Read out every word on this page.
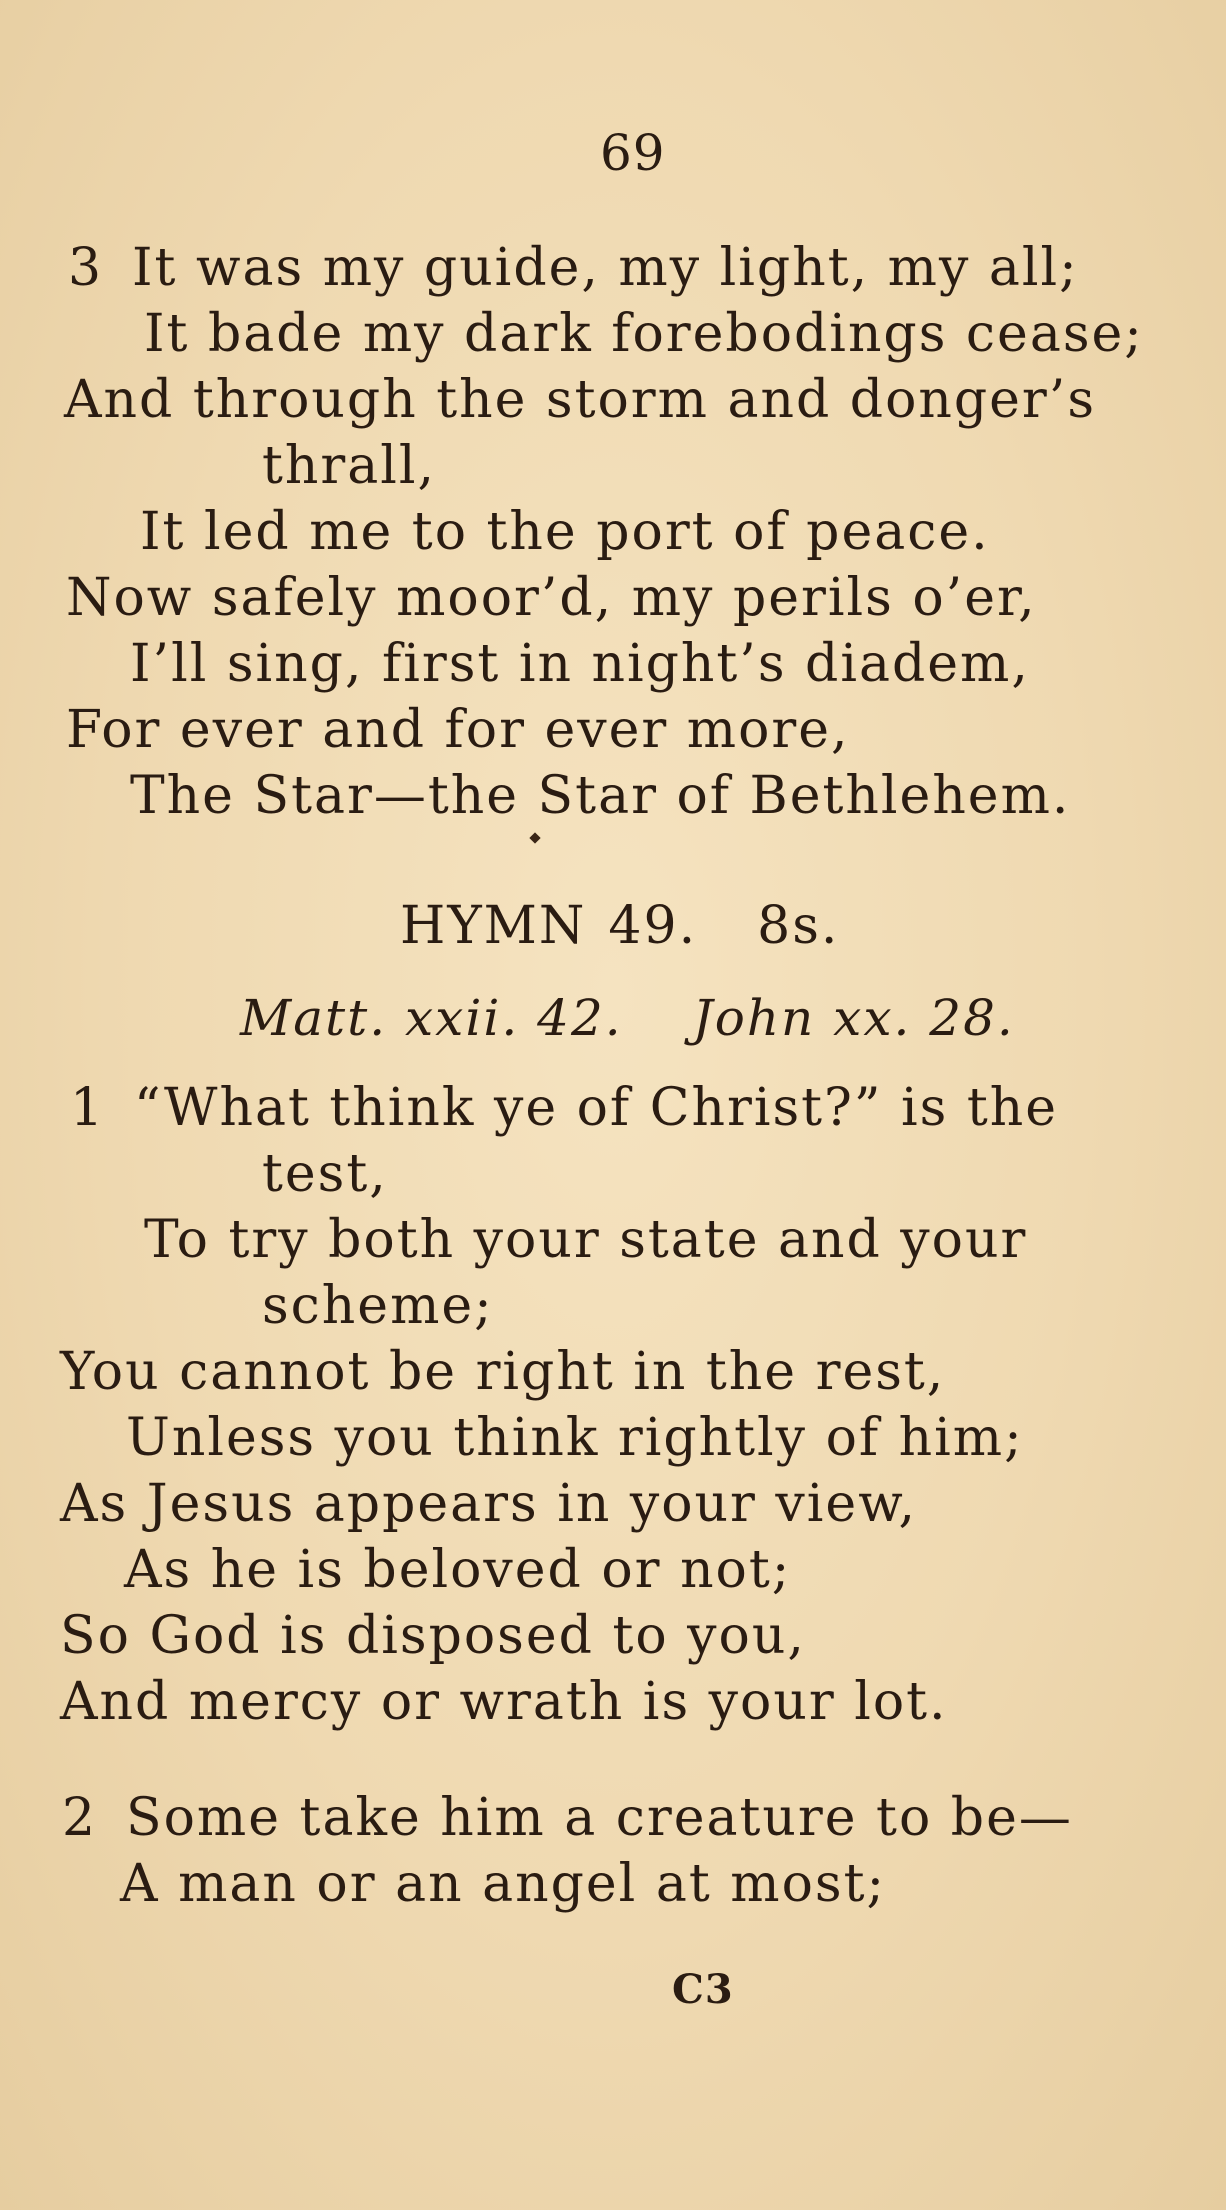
69

3 It was my guide, my light, my all;

It bade my dark forebodings cease;

And through the storm and donger’s

thrall,

It led me to the port of peace.

Now safely moor’d, my perils o’er,

I’ll sing, first in night’s diadem,

For ever and for ever more,

The Star—the Star of Bethlehem.

HYMN 49. 8s.

Matt. xxii. 42. John xx. 28.

1 “What think ye of Christ?” is the

test,

To try both your state and your

scheme;

You cannot be right in the rest,

Unless you think rightly of him;

As Jesus appears in your view,

As he is beloved or not;

So God is disposed to you,

And mercy or wrath is your lot.

2 Some take him a creature to be—

A man or an angel at most;

C3
